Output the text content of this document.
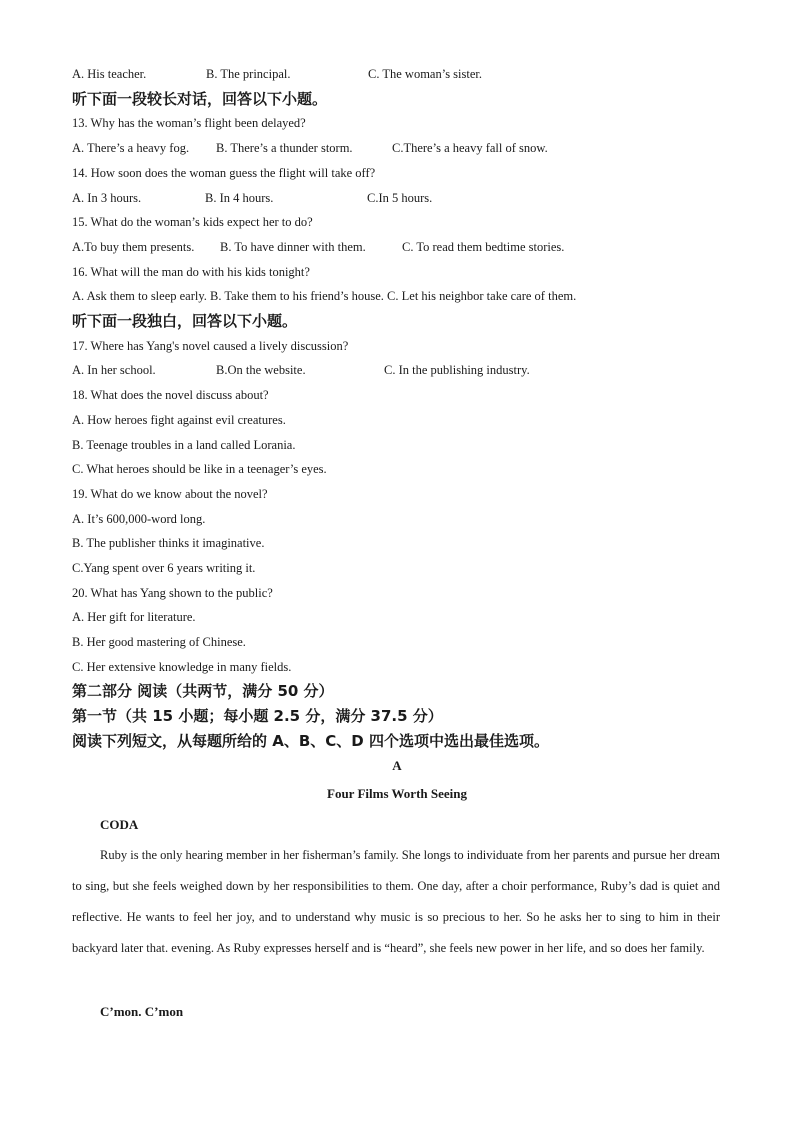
A. His teacher.	B. The principal.	C. The woman’s sister.
听下面一段较长对话，回答以下小题。
13. Why has the woman’s flight been delayed?
A. There’s a heavy fog. B. There’s a thunder storm.	C.There’s a heavy fall of snow.
14. How soon does the woman guess the flight will take off?
A. In 3 hours.	B. In 4 hours.	C.In 5 hours.
15. What do the woman’s kids expect her to do?
A.To buy them presents. B. To have dinner with them.	C. To read them bedtime stories.
16. What will the man do with his kids tonight?
A. Ask them to sleep early. B. Take them to his friend’s house. C. Let his neighbor take care of them.
听下面一段独白，回答以下小题。
17. Where has Yang's novel caused a lively discussion?
A. In her school.	B.On the website.	C. In the publishing industry.
18. What does the novel discuss about?
A. How heroes fight against evil creatures.
B. Teenage troubles in a land called Lorania.
C. What heroes should be like in a teenager’s eyes.
19. What do we know about the novel?
A. It’s 600,000-word long.
B. The publisher thinks it imaginative.
C.Yang spent over 6 years writing it.
20. What has Yang shown to the public?
A. Her gift for literature.
B. Her good mastering of Chinese.
C. Her extensive knowledge in many fields.
第二部分 阅读（共两节，满分 50 分）
第一节（共 15 小题；每小题 2.5 分，满分 37.5 分）
阅读下列短文，从每题所给的 A、B、C、D 四个选项中选出最佳选项。
A
Four Films Worth Seeing
CODA
Ruby is the only hearing member in her fisherman’s family. She longs to individuate from her parents and pursue her dream to sing, but she feels weighed down by her responsibilities to them. One day, after a choir performance, Ruby’s dad is quiet and reflective. He wants to feel her joy, and to understand why music is so precious to her. So he asks her to sing to him in their backyard later that. evening. As Ruby expresses herself and is “heard”, she feels new power in her life, and so does her family.
C’mon. C’mon
